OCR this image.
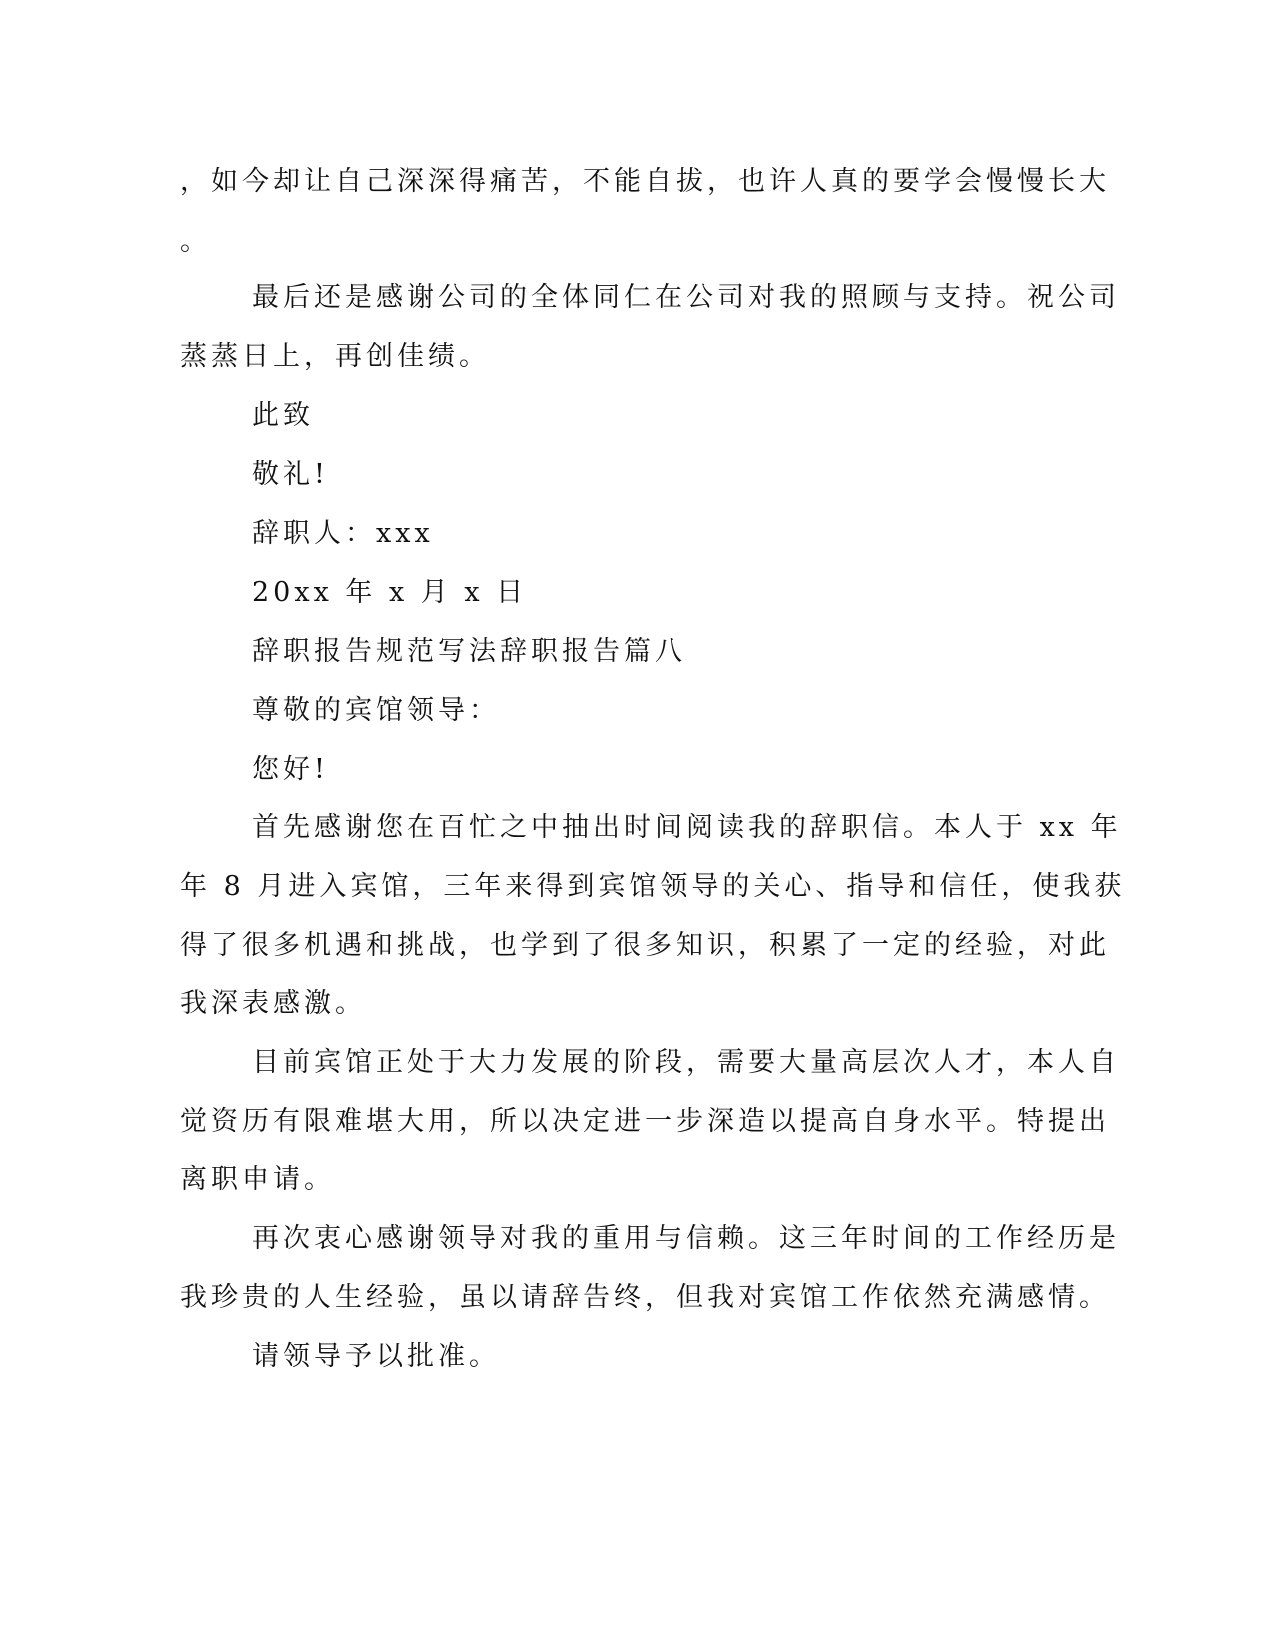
，如今却让自己深深得痛苦，不能自拔，也许人真的要学会慢慢长大
。
最后还是感谢公司的全体同仁在公司对我的照顾与支持。祝公司
蒸蒸日上，再创佳绩。
此致
敬礼!
辞职人：xxx
20xx 年 x 月 x 日
辞职报告规范写法辞职报告篇八
尊敬的宾馆领导：
您好!
首先感谢您在百忙之中抽出时间阅读我的辞职信。本人于 xx 年
年 8 月进入宾馆，三年来得到宾馆领导的关心、指导和信任，使我获
得了很多机遇和挑战，也学到了很多知识，积累了一定的经验，对此
我深表感激。
目前宾馆正处于大力发展的阶段，需要大量高层次人才，本人自
觉资历有限难堪大用，所以决定进一步深造以提高自身水平。特提出
离职申请。
再次衷心感谢领导对我的重用与信赖。这三年时间的工作经历是
我珍贵的人生经验，虽以请辞告终，但我对宾馆工作依然充满感情。
请领导予以批准。
